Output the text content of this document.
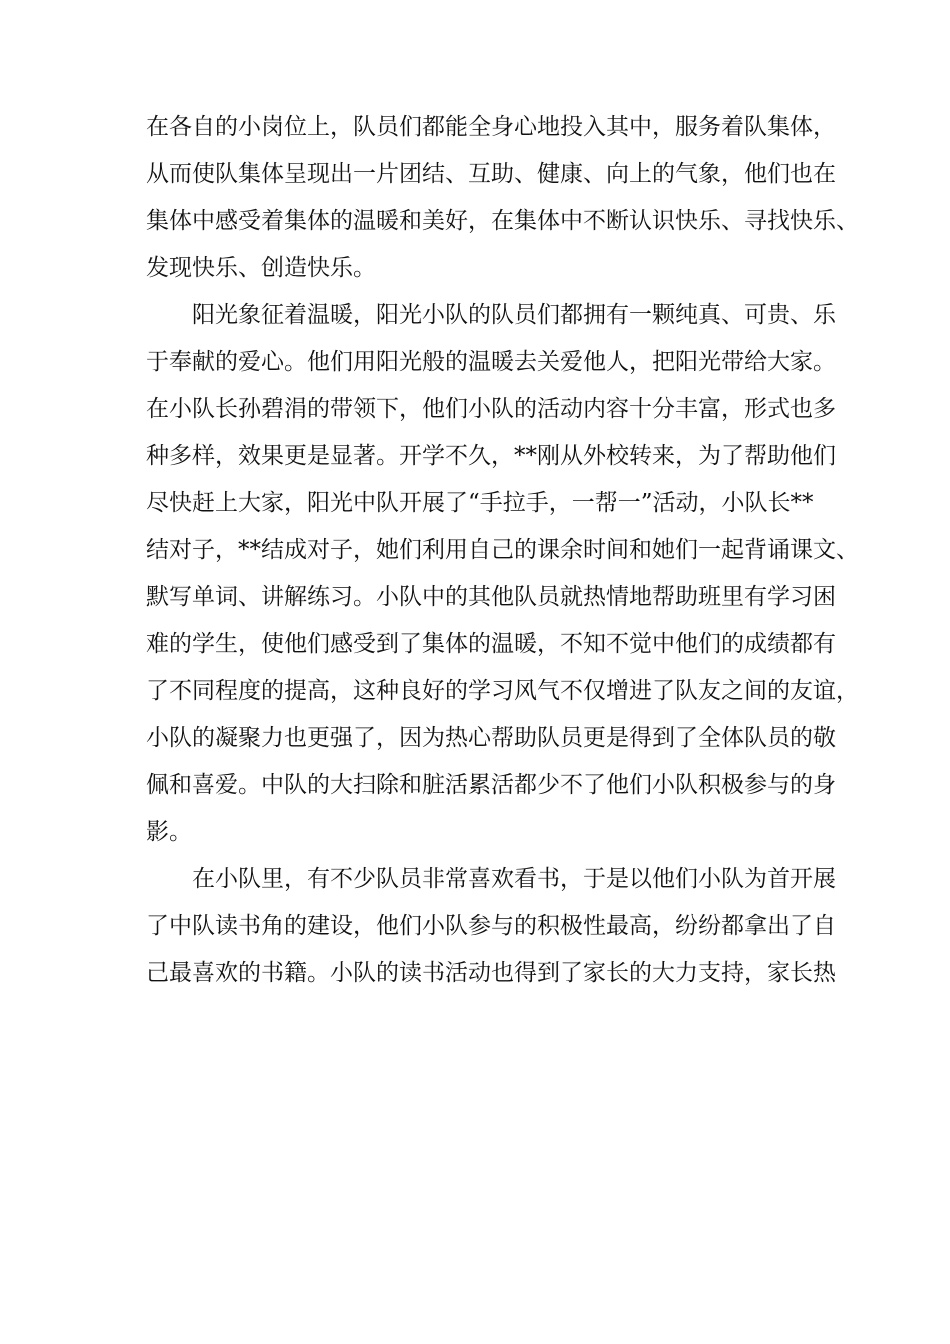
在各自的小岗位上，队员们都能全身心地投入其中，服务着队集体，
从而使队集体呈现出一片团结、互助、健康、向上的气象，他们也在
集体中感受着集体的温暖和美好，在集体中不断认识快乐、寻找快乐、
发现快乐、创造快乐。
阳光象征着温暖，阳光小队的队员们都拥有一颗纯真、可贵、乐
于奉献的爱心。他们用阳光般的温暖去关爱他人，把阳光带给大家。
在小队长孙碧涓的带领下，他们小队的活动内容十分丰富，形式也多
种多样，效果更是显著。开学不久，**刚从外校转来，为了帮助他们
尽快赶上大家，阳光中队开展了“手拉手，一帮一”活动，小队长**
结对子，**结成对子，她们利用自己的课余时间和她们一起背诵课文、
默写单词、讲解练习。小队中的其他队员就热情地帮助班里有学习困
难的学生，使他们感受到了集体的温暖，不知不觉中他们的成绩都有
了不同程度的提高，这种良好的学习风气不仅增进了队友之间的友谊，
小队的凝聚力也更强了，因为热心帮助队员更是得到了全体队员的敬
佩和喜爱。中队的大扫除和脏活累活都少不了他们小队积极参与的身
影。
在小队里，有不少队员非常喜欢看书，于是以他们小队为首开展
了中队读书角的建设，他们小队参与的积极性最高，纷纷都拿出了自
己最喜欢的书籍。小队的读书活动也得到了家长的大力支持，家长热
